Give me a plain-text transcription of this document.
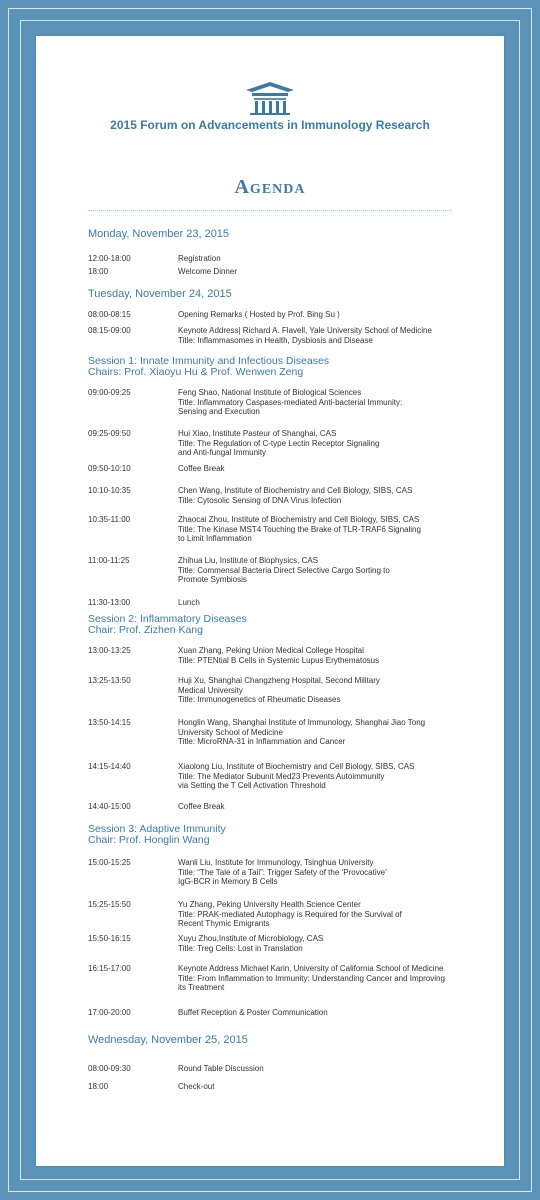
2015 Forum on Advancements in Immunology Research
Agenda
Monday, November 23, 2015
Tuesday, November 24, 2015
Wednesday, November 25, 2015
Session 1: Innate Immunity and Infectious Diseases
Chairs: Prof. Xiaoyu Hu & Prof. Wenwen Zeng
Session 2: Inflammatory Diseases
Chair: Prof. Zizhen Kang
Session 3: Adaptive Immunity
Chair: Prof. Honglin Wang
12:00-18:00	Registration
18:00	Welcome Dinner
08:00-08:15	Opening Remarks ( Hosted by Prof. Bing Su )
08:15-09:00	Keynote Address| Richard A. Flavell, Yale University School of Medicine
Title: Inflammasomes in Health, Dysbiosis and Disease
09:00-09:25	Feng Shao, National Institute of Biological Sciences
Title: Inflammatory Caspases-mediated Anti-bacterial Immunity:
Sensing and Execution
09:25-09:50	Hui Xiao, Institute Pasteur of Shanghai, CAS
Title: The Regulation of C-type Lectin Receptor Signaling
and Anti-fungal Immunity
09:50-10:10	Coffee Break
10:10-10:35	Chen Wang, Institute of Biochemistry and Cell Biology, SIBS, CAS
Title: Cytosolic Sensing of DNA Virus Infection
10:35-11:00	Zhaocai Zhou, Institute of Biochemistry and Cell Biology, SIBS, CAS
Title: The Kinase MST4 Touching the Brake of TLR-TRAF6 Signaling
to Limit Inflammation
11:00-11:25	Zhihua Liu, Institute of Biophysics, CAS
Title: Commensal Bacteria Direct Selective Cargo Sorting to
Promote Symbiosis
11:30-13:00	Lunch
13:00-13:25	Xuan Zhang, Peking Union Medical College Hospital
Title: PTENtial B Cells in Systemic Lupus Erythematosus
13:25-13:50	Huji Xu, Shanghai Changzheng Hospital, Second Military
Medical University
Title: Immunogenetics of Rheumatic Diseases
13:50-14:15	Honglin Wang, Shanghai Institute of Immunology, Shanghai Jiao Tong
University School of Medicine
Title: MicroRNA-31 in Inflammation and Cancer
14:15-14:40	Xiaolong Liu, Institute of Biochemistry and Cell Biology, SIBS, CAS
Title: The Mediator Subunit Med23 Prevents Autoimmunity
via Setting the T Cell Activation Threshold
14:40-15:00	Coffee Break
15:00-15:25	Wanli Liu, Institute for Immunology, Tsinghua University
Title: “The Tale of a Tail”: Trigger Safety of the ‘Provocative’
IgG-BCR in Memory B Cells
15:25-15:50	Yu Zhang, Peking University Health Science Center
Title: PRAK-mediated Autophagy is Required for the Survival of
Recent Thymic Emigrants
15:50-16:15	Xuyu Zhou,Institute of Microbiology, CAS
Title: Treg Cells: Lost in Translation
16:15-17:00	Keynote Address Michael Karin, University of California School of Medicine
Title: From Inflammation to Immunity: Understanding Cancer and Improving
its Treatment
17:00-20:00	Buffet Reception & Poster Communication
08:00-09:30	Round Table Discussion
18:00	Check-out
